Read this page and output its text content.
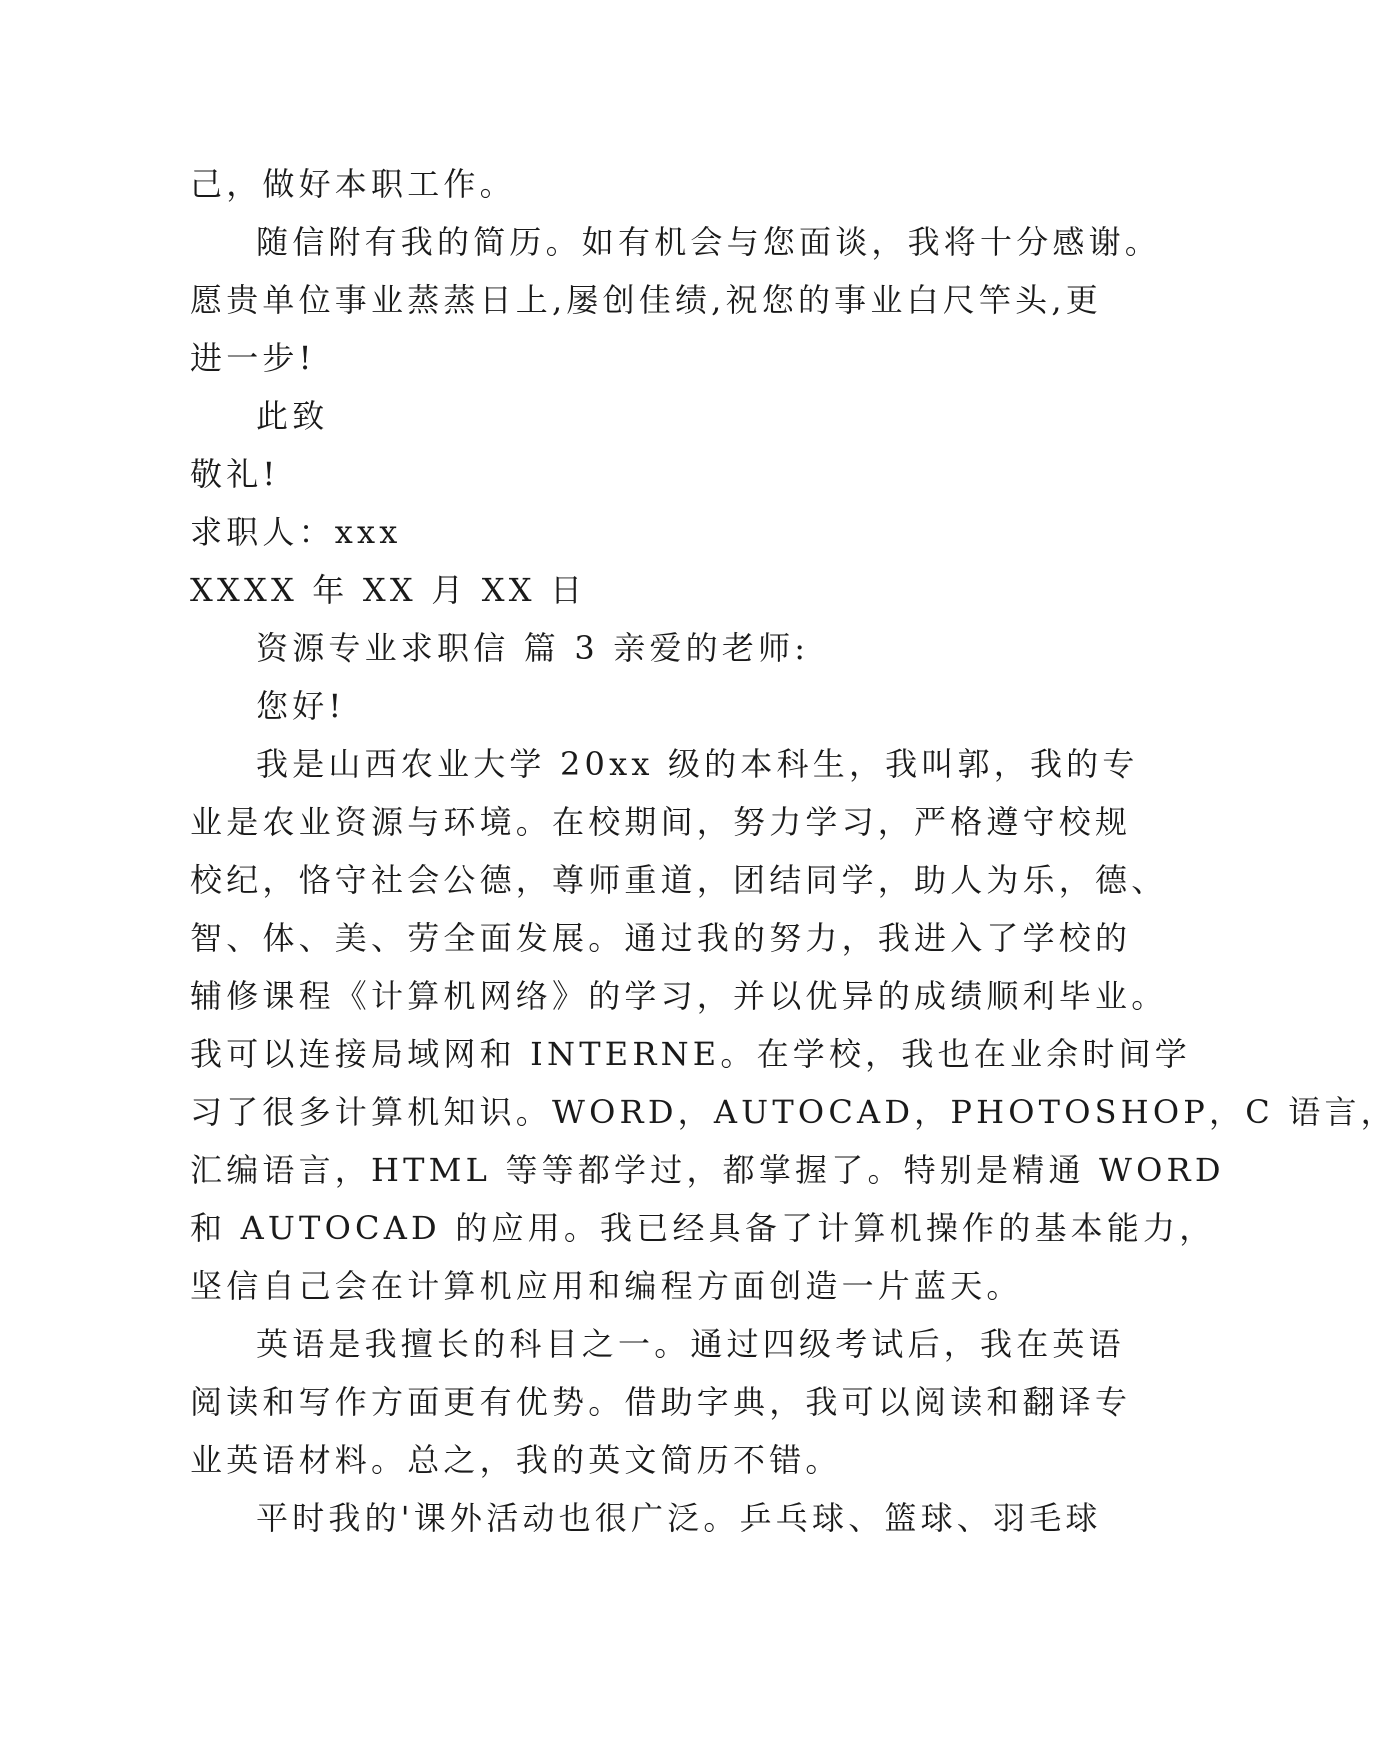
己，做好本职工作。

随信附有我的简历。如有机会与您面谈，我将十分感谢。

愿贵单位事业蒸蒸日上,屡创佳绩,祝您的事业白尺竿头,更

进一步!

此致

敬礼!

求职人：xxx

XXXX 年 XX 月 XX 日

资源专业求职信 篇 3 亲爱的老师:

您好!

我是山西农业大学 20xx 级的本科生，我叫郭，我的专

业是农业资源与环境。在校期间，努力学习，严格遵守校规

校纪，恪守社会公德，尊师重道，团结同学，助人为乐，德、

智、体、美、劳全面发展。通过我的努力，我进入了学校的

辅修课程《计算机网络》的学习，并以优异的成绩顺利毕业。

我可以连接局域网和 INTERNE。在学校，我也在业余时间学

习了很多计算机知识。WORD，AUTOCAD，PHOTOSHOP，C 语言，

汇编语言，HTML 等等都学过，都掌握了。特别是精通 WORD

和 AUTOCAD 的应用。我已经具备了计算机操作的基本能力，

坚信自己会在计算机应用和编程方面创造一片蓝天。

英语是我擅长的科目之一。通过四级考试后，我在英语

阅读和写作方面更有优势。借助字典，我可以阅读和翻译专

业英语材料。总之，我的英文简历不错。

平时我的'课外活动也很广泛。乒乓球、篮球、羽毛球
